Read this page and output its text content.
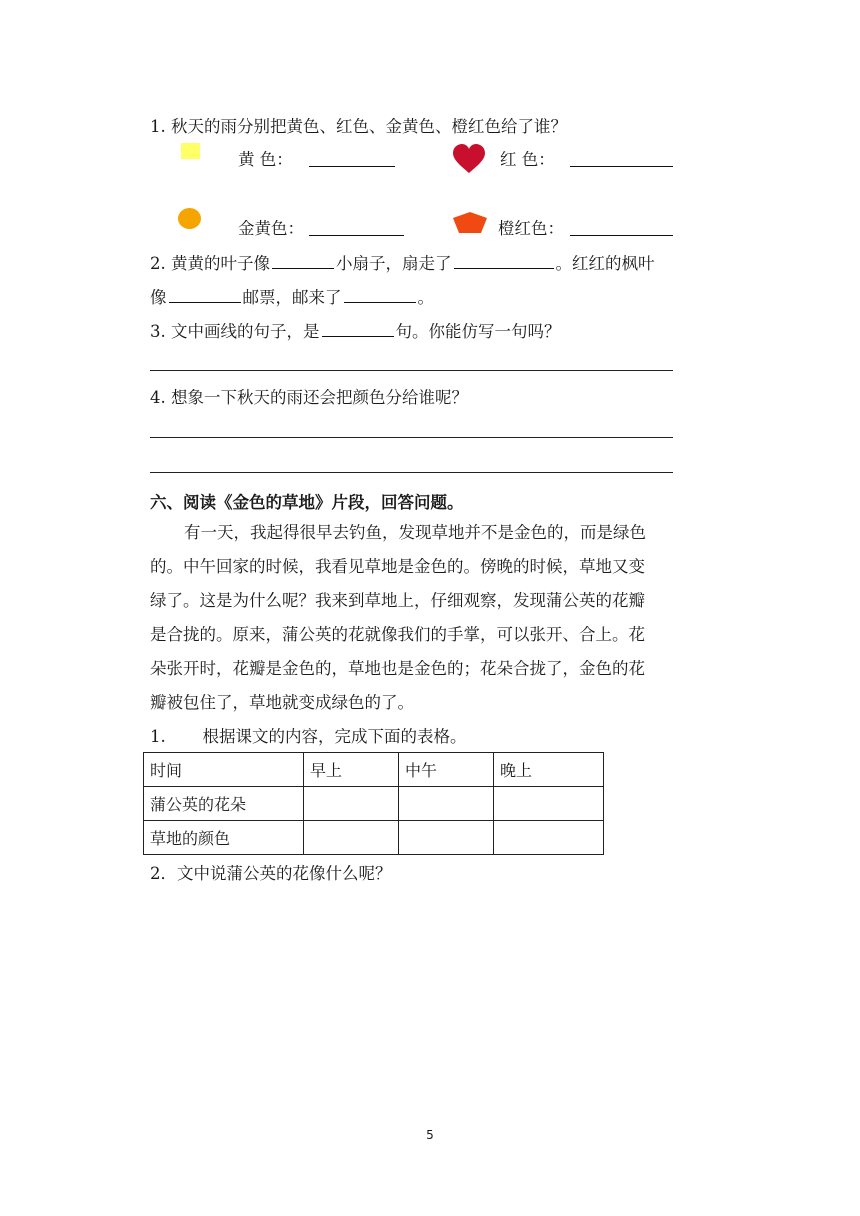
1. 秋天的雨分别把黄色、红色、金黄色、橙红色给了谁？
黄 色：	红 色：
金黄色：	橙红色：
2. 黄黄的叶子像	小扇子，扇走了	。红红的枫叶
像	邮票，邮来了	。
3. 文中画线的句子，是	句。你能仿写一句吗？
4. 想象一下秋天的雨还会把颜色分给谁呢？
六、阅读《金色的草地》片段，回答问题。
有一天，我起得很早去钓鱼，发现草地并不是金色的，而是绿色
的。中午回家的时候，我看见草地是金色的。傍晚的时候，草地又变
绿了。这是为什么呢？我来到草地上，仔细观察，发现蒲公英的花瓣
是合拢的。原来，蒲公英的花就像我们的手掌，可以张开、合上。花
朵张开时，花瓣是金色的，草地也是金色的；花朵合拢了，金色的花
瓣被包住了，草地就变成绿色的了。
1.       根据课文的内容，完成下面的表格。
时间	早上	中午	晚上
蒲公英的花朵			
草地的颜色			
2．文中说蒲公英的花像什么呢？
5
